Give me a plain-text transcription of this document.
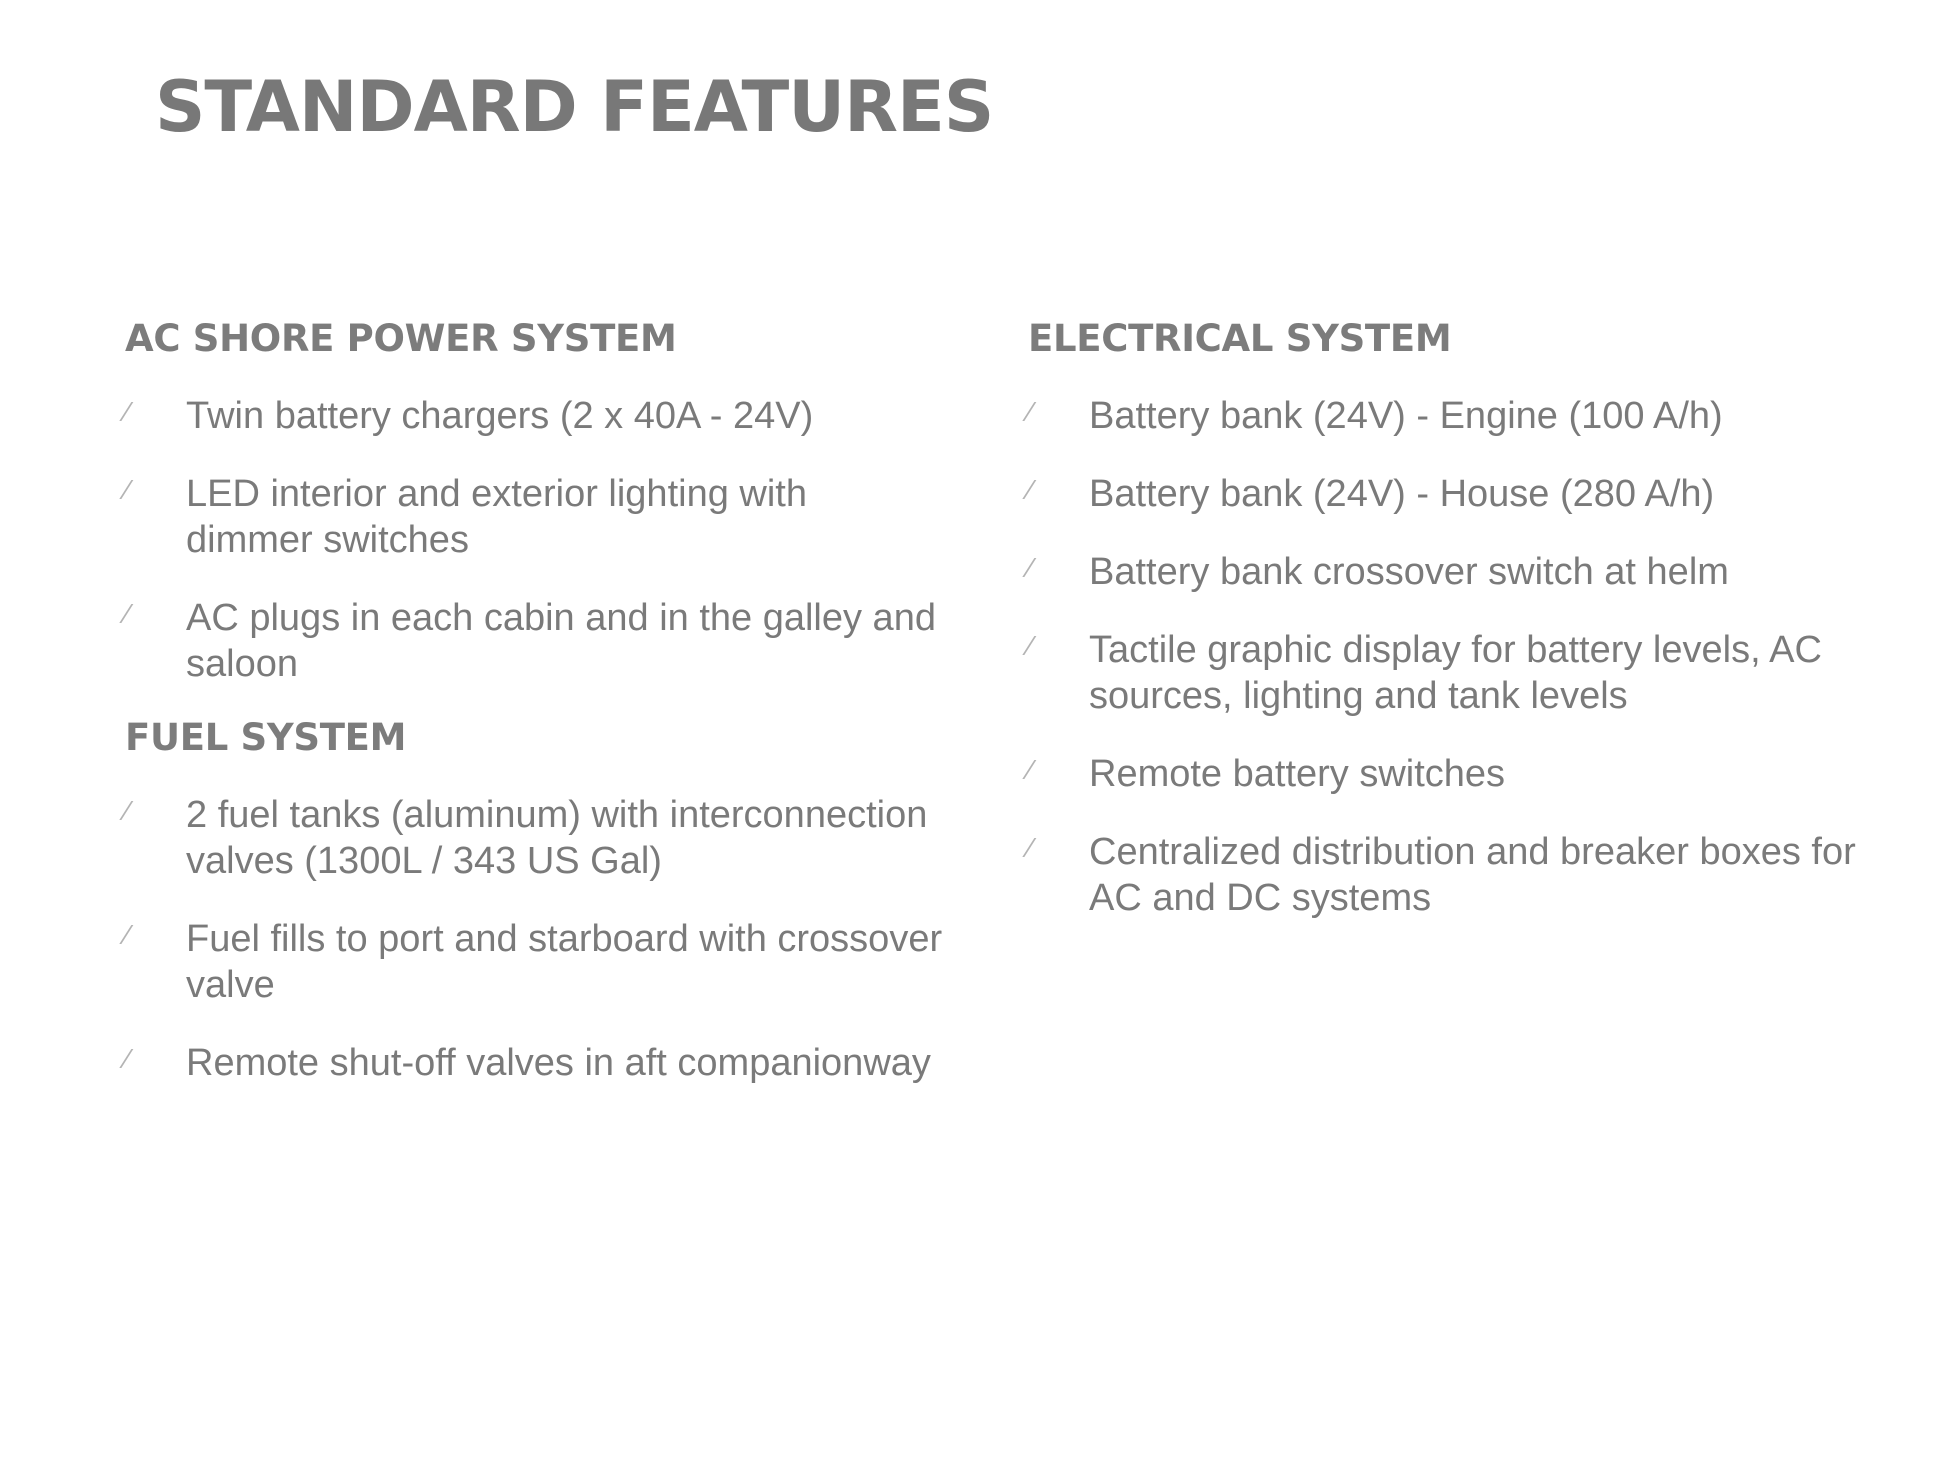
STANDARD FEATURES
AC SHORE POWER SYSTEM
⁄ Twin battery chargers (2 x 40A - 24V)
⁄ LED interior and exterior lighting with dimmer switches
⁄ AC plugs in each cabin and in the galley and saloon
FUEL SYSTEM
⁄ 2 fuel tanks (aluminum) with interconnection valves (1300L / 343 US Gal)
⁄ Fuel fills to port and starboard with crossover valve
⁄ Remote shut-off valves in aft companionway
ELECTRICAL SYSTEM
⁄ Battery bank (24V) - Engine (100 A/h)
⁄ Battery bank (24V) - House (280 A/h)
⁄ Battery bank crossover switch at helm
⁄ Tactile graphic display for battery levels, AC sources, lighting and tank levels
⁄ Remote battery switches
⁄ Centralized distribution and breaker boxes for AC and DC systems
